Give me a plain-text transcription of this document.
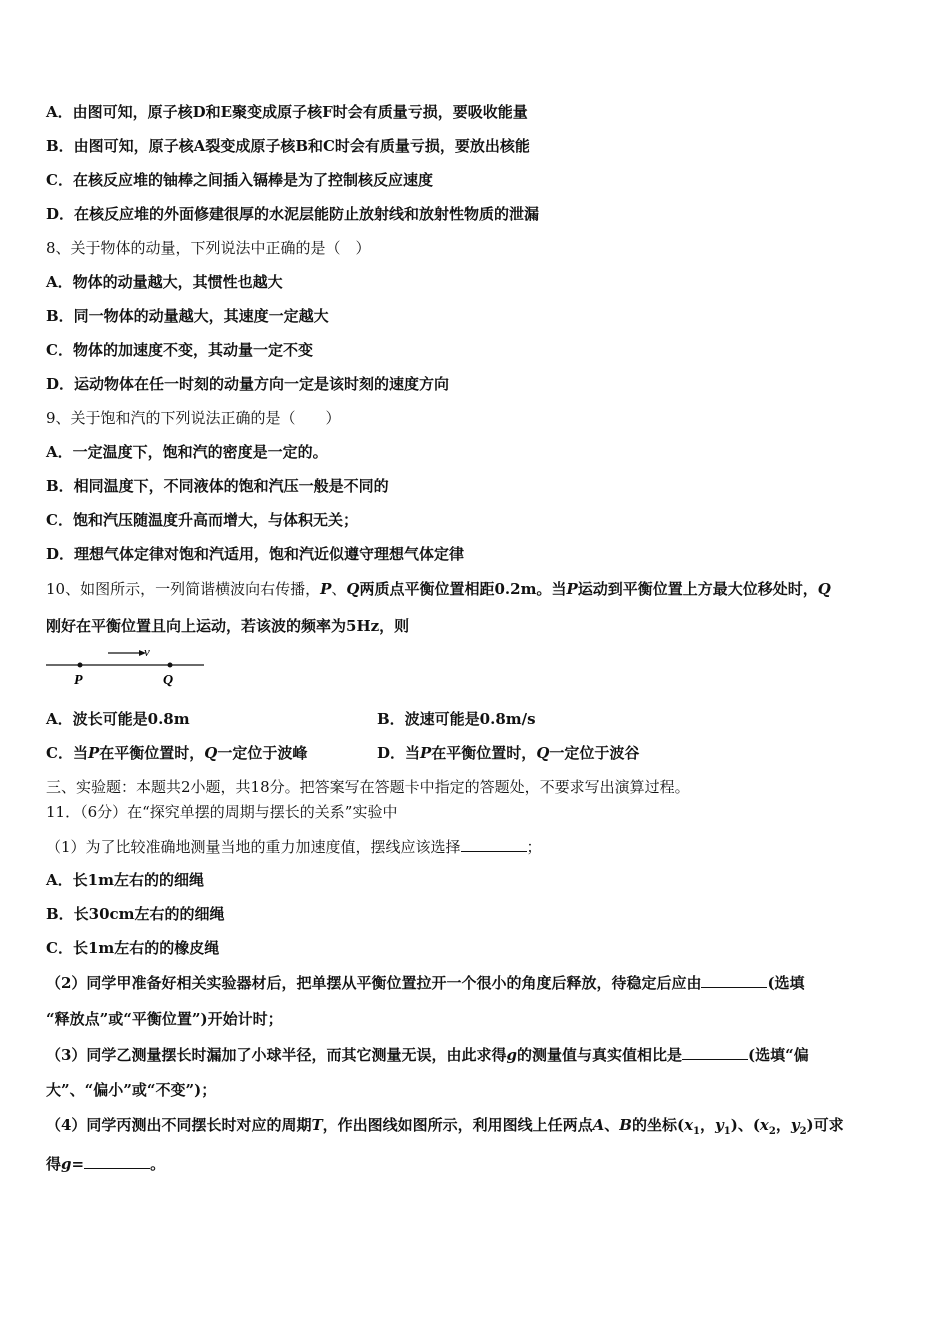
A．由图可知，原子核D和E聚变成原子核F时会有质量亏损，要吸收能量
B．由图可知，原子核A裂变成原子核B和C时会有质量亏损，要放出核能
C．在核反应堆的铀棒之间插入镉棒是为了控制核反应速度
D．在核反应堆的外面修建很厚的水泥层能防止放射线和放射性物质的泄漏
8、关于物体的动量，下列说法中正确的是（　）
A．物体的动量越大，其惯性也越大
B．同一物体的动量越大，其速度一定越大
C．物体的加速度不变，其动量一定不变
D．运动物体在任一时刻的动量方向一定是该时刻的速度方向
9、关于饱和汽的下列说法正确的是（　　）
A．一定温度下，饱和汽的密度是一定的。
B．相同温度下，不同液体的饱和汽压一般是不同的
C．饱和汽压随温度升高而增大，与体积无关；
D．理想气体定律对饱和汽适用，饱和汽近似遵守理想气体定律
10、如图所示，一列简谐横波向右传播，P、Q两质点平衡位置相距0.2m。当P运动到平衡位置上方最大位移处时，Q
刚好在平衡位置且向上运动，若该波的频率为5Hz，则
v
P	Q
A．波长可能是0.8m	B．波速可能是0.8m/s
C．当P在平衡位置时，Q一定位于波峰	D．当P在平衡位置时，Q一定位于波谷
三、实验题：本题共2小题，共18分。把答案写在答题卡中指定的答题处，不要求写出演算过程。
11．（6分）在“探究单摆的周期与摆长的关系”实验中
（1）为了比较准确地测量当地的重力加速度值，摆线应该选择	；
A．长1m左右的的细绳
B．长30cm左右的的细绳
C．长1m左右的的橡皮绳
（2）同学甲准备好相关实验器材后，把单摆从平衡位置拉开一个很小的角度后释放，待稳定后应由	(选填
“释放点”或“平衡位置”)开始计时；
（3）同学乙测量摆长时漏加了小球半径，而其它测量无误，由此求得g的测量值与真实值相比是	(选填“偏
大”、“偏小”或“不变”)；
（4）同学丙测出不同摆长时对应的周期T，作出图线如图所示，利用图线上任两点A、B的坐标($x_1$，$y_1$)、($x_2$，$y_2$)可求
得g=	。
